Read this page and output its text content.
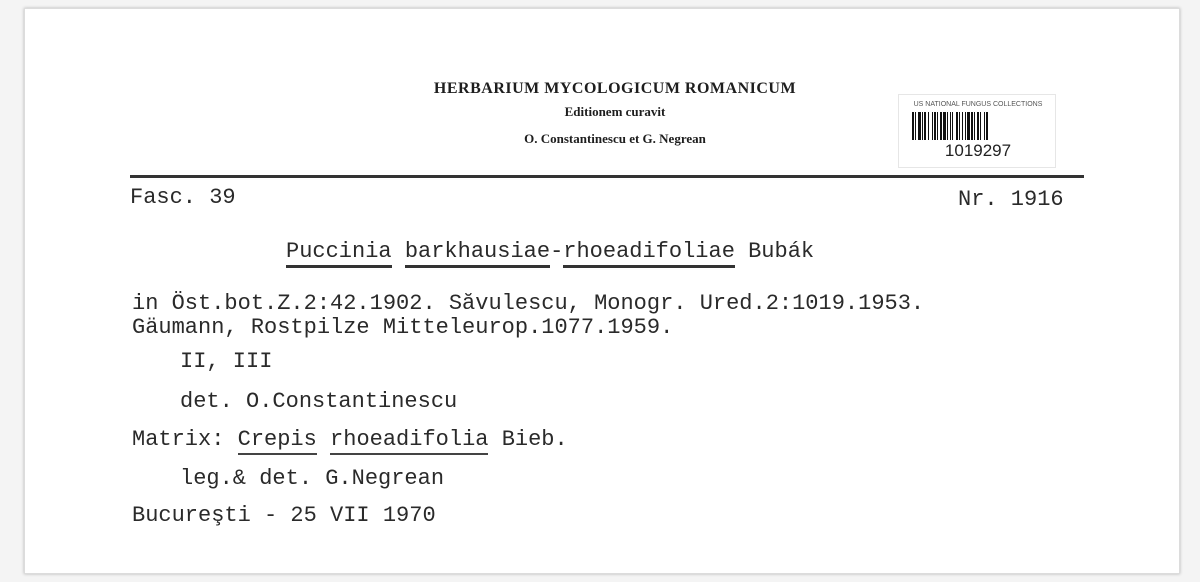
HERBARIUM MYCOLOGICUM ROMANICUM
Editionem curavit
O. Constantinescu et G. Negrean
US NATIONAL FUNGUS COLLECTIONS
1019297
Fasc. 39	Nr. 1916
Puccinia barkhausiae-rhoeadifoliae Bubák
in Öst.bot.Z.2:42.1902. Săvulescu, Monogr. Ured.2:1019.1953.
Gäumann, Rostpilze Mitteleurop.1077.1959.
II, III
det. O.Constantinescu
Matrix: Crepis rhoeadifolia Bieb.
leg.& det. G.Negrean
Bucureşti - 25 VII 1970
